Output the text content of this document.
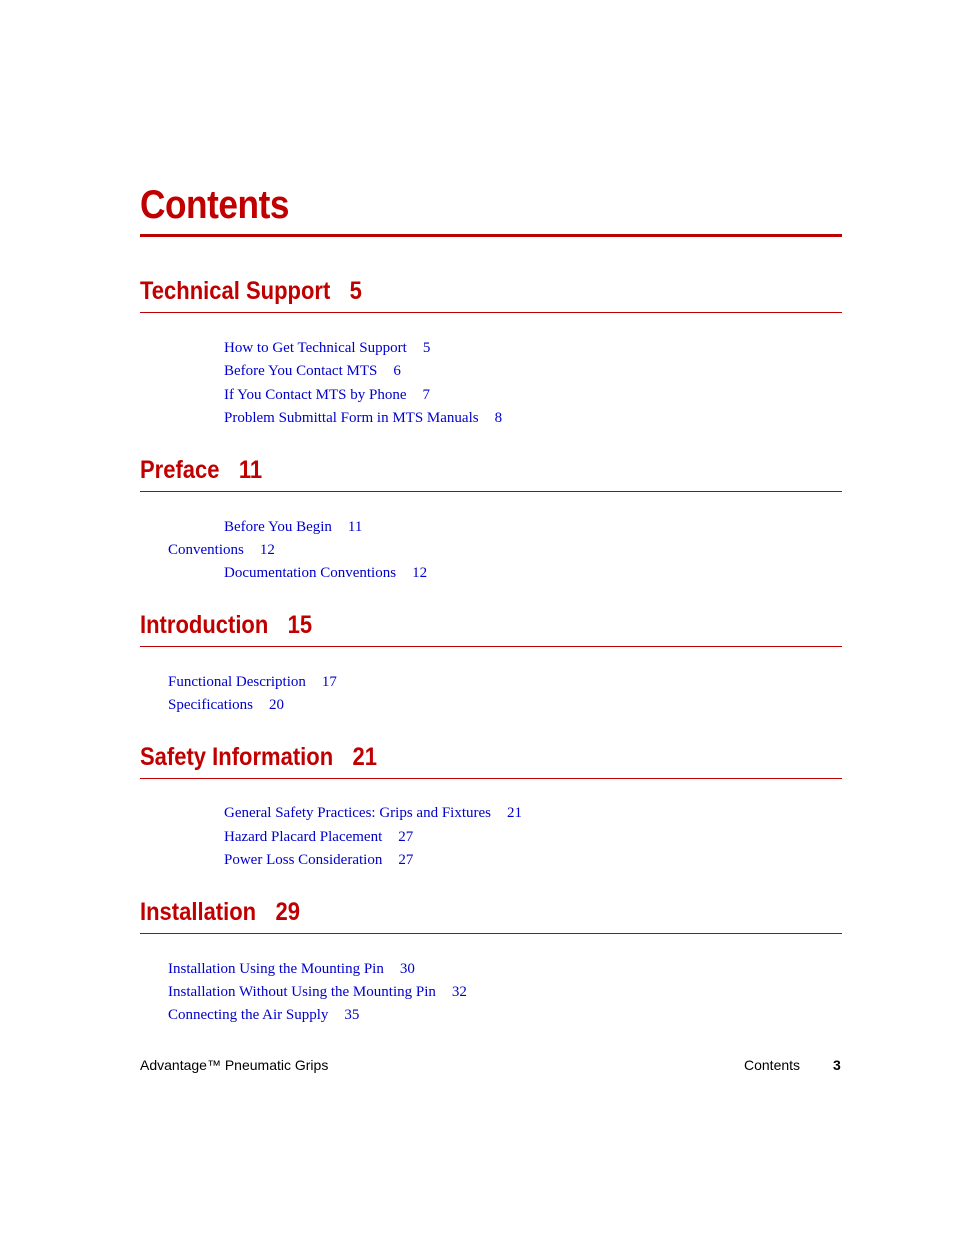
Contents
Technical Support 5
How to Get Technical Support 5
Before You Contact MTS 6
If You Contact MTS by Phone 7
Problem Submittal Form in MTS Manuals 8
Preface 11
Before You Begin 11
Conventions 12
Documentation Conventions 12
Introduction 15
Functional Description 17
Specifications 20
Safety Information 21
General Safety Practices: Grips and Fixtures 21
Hazard Placard Placement 27
Power Loss Consideration 27
Installation 29
Installation Using the Mounting Pin 30
Installation Without Using the Mounting Pin 32
Connecting the Air Supply 35
Advantage™ Pneumatic Grips	Contents 3
